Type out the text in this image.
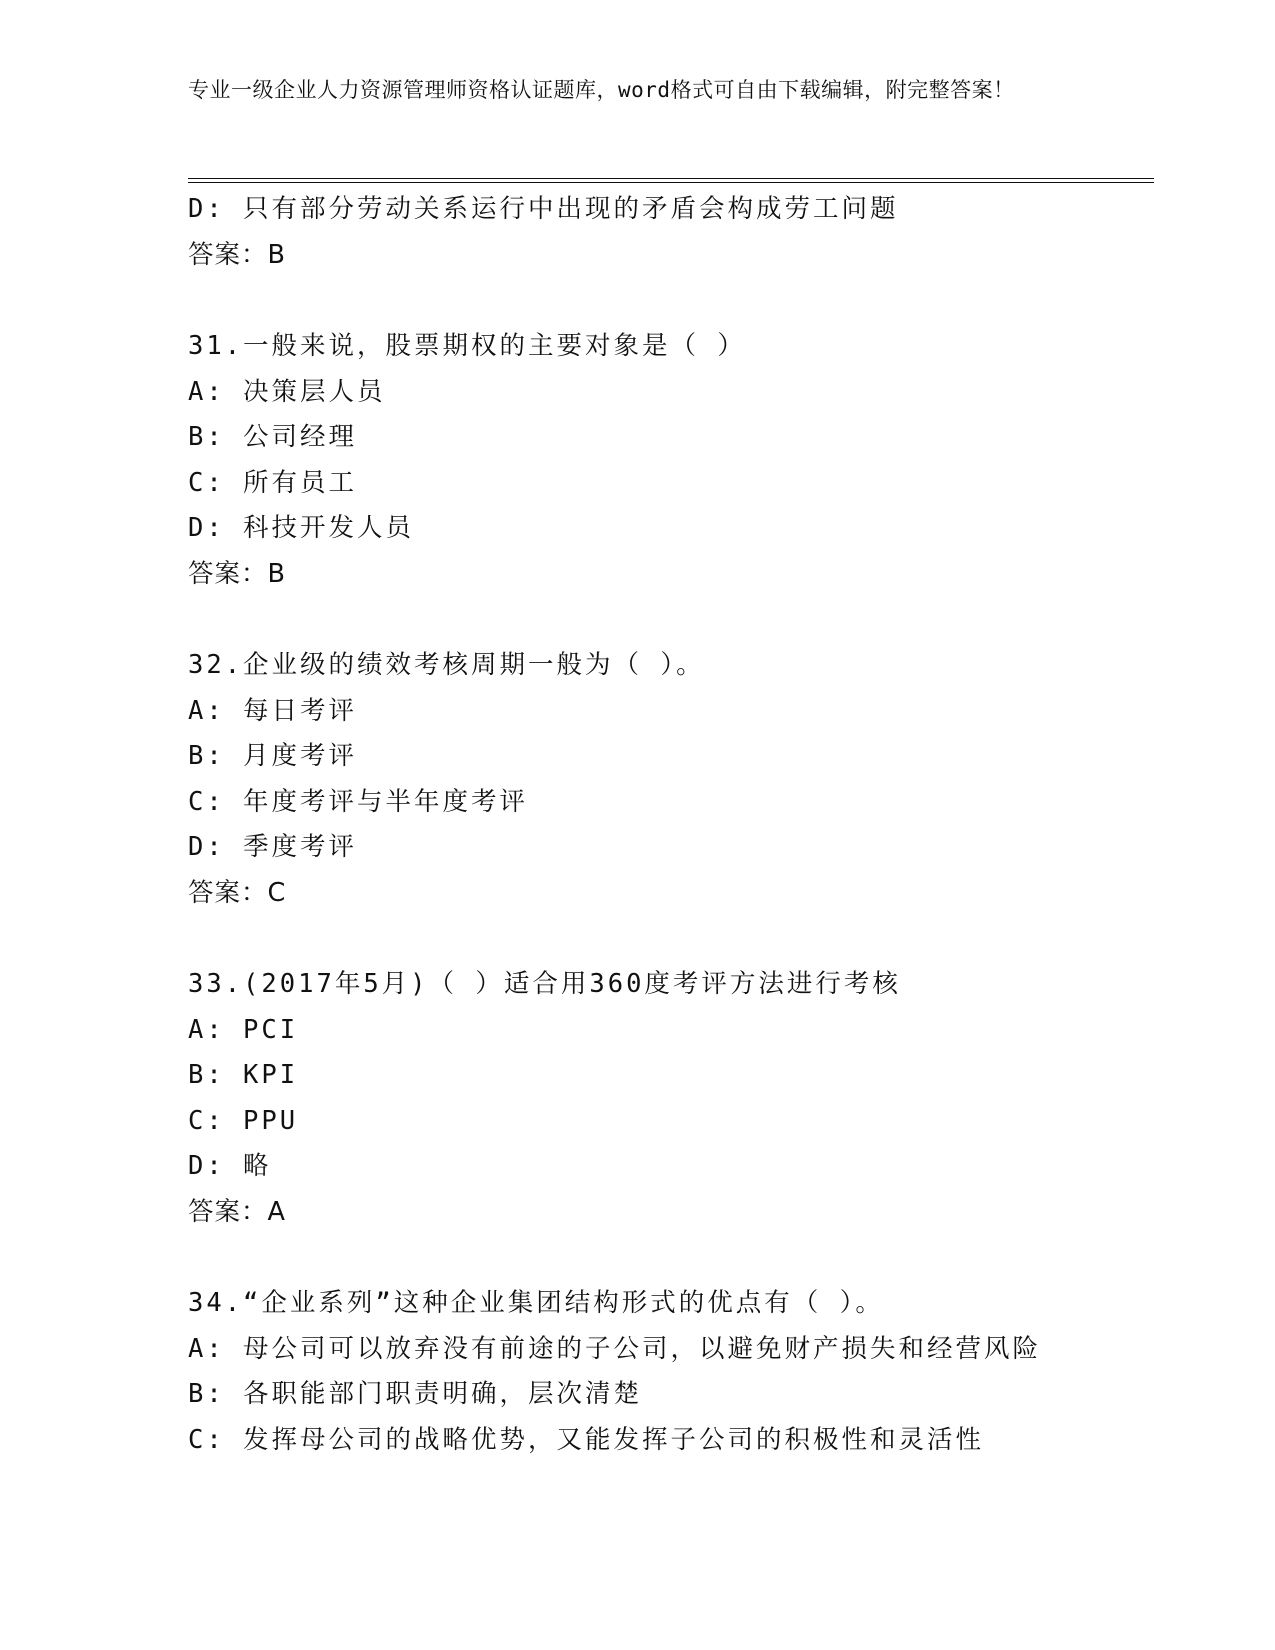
专业一级企业人力资源管理师资格认证题库，word格式可自由下载编辑，附完整答案！
D: 只有部分劳动关系运行中出现的矛盾会构成劳工问题
答案：B
31.一般来说，股票期权的主要对象是（ ）
A: 决策层人员
B: 公司经理
C: 所有员工
D: 科技开发人员
答案：B
32.企业级的绩效考核周期一般为（ ）。
A: 每日考评
B: 月度考评
C: 年度考评与半年度考评
D: 季度考评
答案：C
33.(2017年5月)（ ）适合用360度考评方法进行考核
A: PCI
B: KPI
C: PPU
D: 略
答案：A
34.“企业系列”这种企业集团结构形式的优点有（ ）。
A: 母公司可以放弃没有前途的子公司，以避免财产损失和经营风险
B: 各职能部门职责明确，层次清楚
C: 发挥母公司的战略优势，又能发挥子公司的积极性和灵活性
